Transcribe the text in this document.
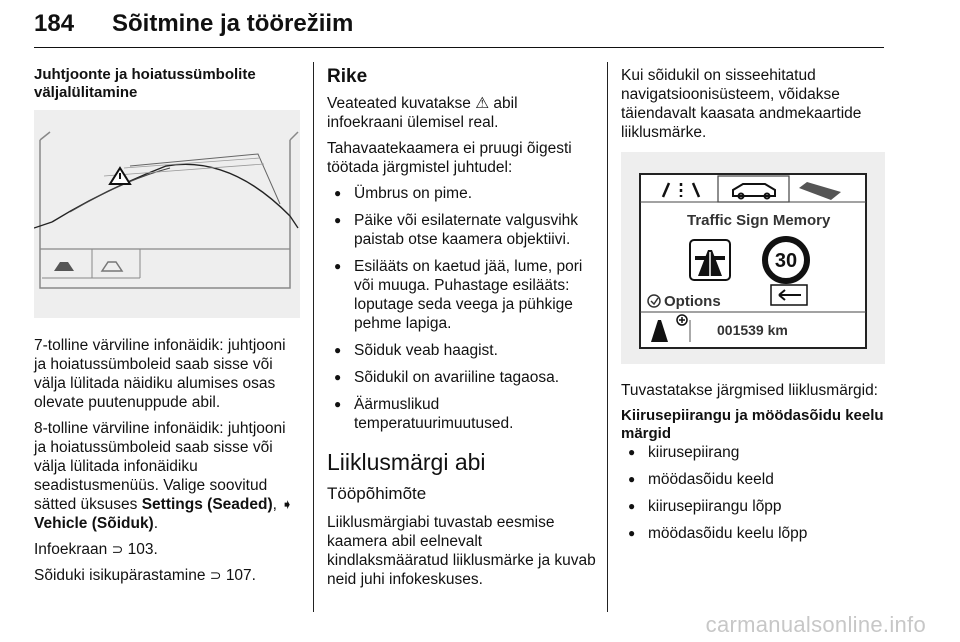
184 Sõitmine ja töörežiim
Juhtjoonte ja hoiatussümbolite väljalülitamine

7-tolline värviline infonäidik: juhtjooni ja hoiatussümboleid saab sisse või välja lülitada näidiku alumises osas olevate puutenuppude abil.

8-tolline värviline infonäidik: juhtjooni ja hoiatussümboleid saab sisse või välja lülitada infonäidiku seadistusmenüüs. Valige soovitud sätted üksuses Settings (Seaded), ➧ Vehicle (Sõiduk).

Infoekraan ⊃ 103.

Sõiduki isikupärastamine ⊃ 107.

Rike

Veateated kuvatakse ⚠ abil infoekraani ülemisel real.

Tahavaatekaamera ei pruugi õigesti töötada järgmistel juhtudel:

● Ümbrus on pime.
● Päike või esilaternate valgusvihk paistab otse kaamera objektiivi.
● Esilääts on kaetud jää, lume, pori või muuga. Puhastage esilääts: loputage seda veega ja pühkige pehme lapiga.
● Sõiduk veab haagist.
● Sõidukil on avariiline tagaosa.
● Äärmuslikud temperatuurimuutused.
Liiklusmärgi abi
Tööpõhimõte

Liiklusmärgiabi tuvastab eesmise kaamera abil eelnevalt kindlaksmääratud liiklusmärke ja kuvab neid juhi infokeskuses.

Kui sõidukil on sisseehitatud navigatsioonisüsteem, võidakse täiendavalt kaasata andmekaartide liiklusmärke.

Traffic Sign Memory
30
Options
001539 km

Tuvastatakse järgmised liiklusmärgid:

Kiirusepiirangu ja möödasõidu keelu märgid
● kiirusepiirang
● möödasõidu keeld
● kiirusepiirangu lõpp
● möödasõidu keelu lõpp
carmanualsonline.info
